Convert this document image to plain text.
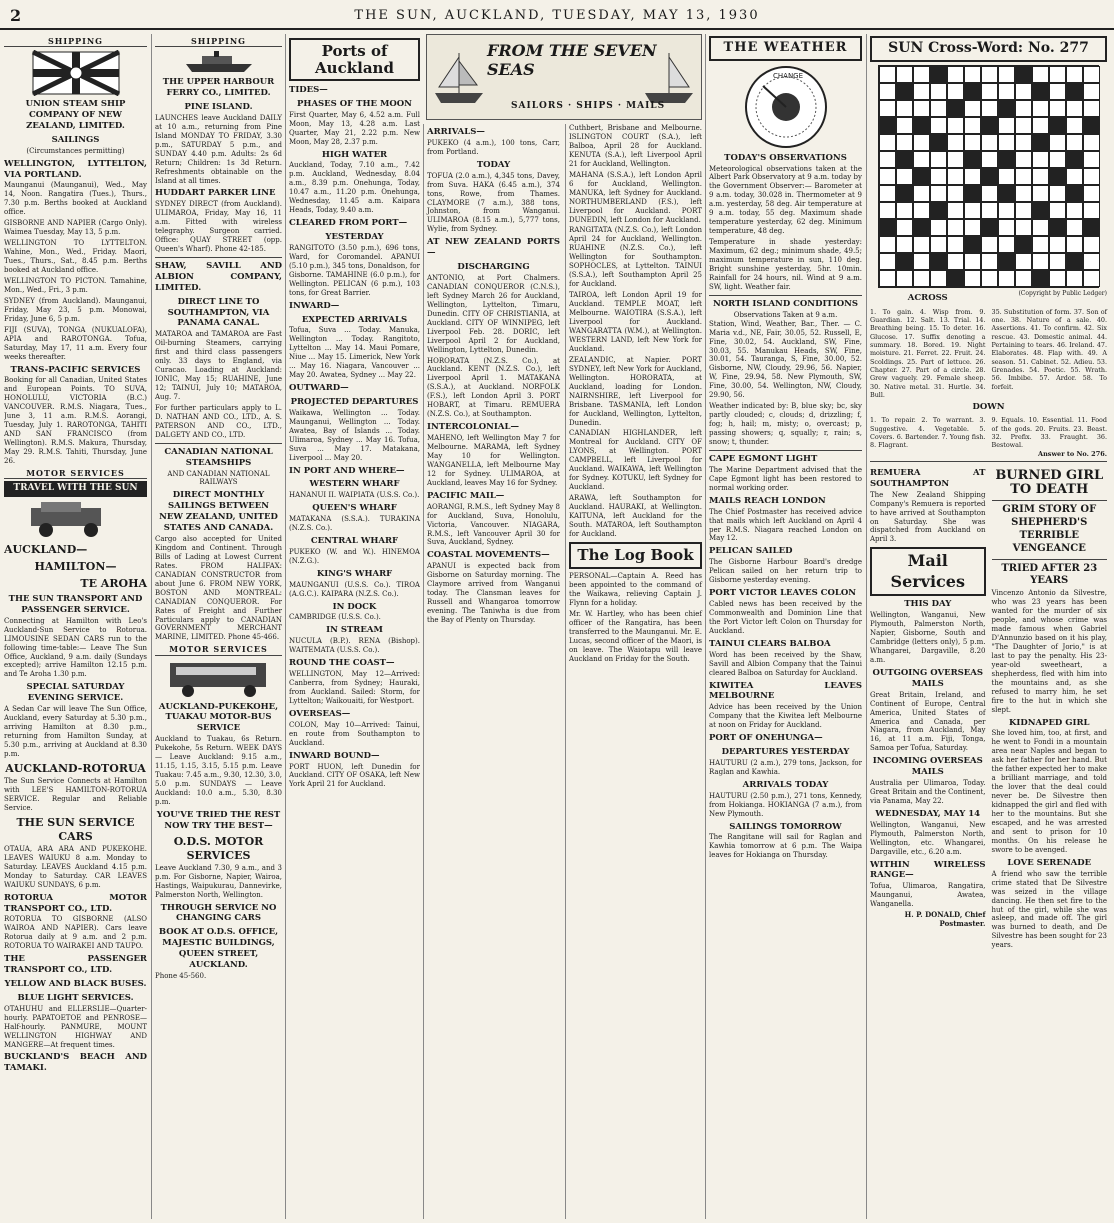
2	THE SUN, AUCKLAND, TUESDAY, MAY 13, 1930
SHIPPING
UNION STEAM SHIP COMPANY OF NEW ZEALAND, LIMITED.
SAILINGS
(Circumstances permitting)
WELLINGTON, LYTTELTON, VIA PORTLAND.

Maunganui (Maunganui), Wed., May 14, Noon. Rangatira (Tues.), Thurs., 7.30 p.m. Berths booked at Auckland office.

GISBORNE AND NAPIER (Cargo Only). Waimea Tuesday, May 13, 5 p.m.

WELLINGTON TO LYTTELTON. Wahine, Mon., Wed., Friday. Maori, Tues., Thurs., Sat., 8.45 p.m. Berths booked at Auckland office.

WELLINGTON TO PICTON. Tamahine, Mon., Wed., Fri., 3 p.m.

SYDNEY (from Auckland). Maunganui, Friday, May 23, 5 p.m. Monowai, Friday, June 6, 5 p.m.

FIJI (SUVA), TONGA (NUKUALOFA), APIA and RAROTONGA. Tofua, Saturday, May 17, 11 a.m. Every four weeks thereafter.

TRANS-PACIFIC SERVICES

Booking for all Canadian, United States and European Points. TO SUVA, HONOLULU, VICTORIA (B.C.) VANCOUVER. R.M.S. Niagara, Tues., June 3, 11 a.m. R.M.S. Aorangi, Tuesday, July 1. RAROTONGA, TAHITI AND SAN FRANCISCO (from Wellington). R.M.S. Makura, Thursday, May 29. R.M.S. Tahiti, Thursday, June 26.

MOTOR SERVICES
TRAVEL WITH THE SUN
AUCKLAND—
HAMILTON—
TE AROHA
THE SUN TRANSPORT AND PASSENGER SERVICE.

Connecting at Hamilton with Leo's Auckland-Sun Service to Rotorua. LIMOUSINE SEDAN CARS run to the following time-table:— Leave The Sun Office, Auckland, 9 a.m. daily (Sundays excepted); arrive Hamilton 12.15 p.m. and Te Aroha 1.30 p.m.

SPECIAL SATURDAY EVENING SERVICE.

A Sedan Car will leave The Sun Office, Auckland, every Saturday at 5.30 p.m., arriving Hamilton at 8.30 p.m., returning from Hamilton Sunday, at 5.30 p.m., arriving at Auckland at 8.30 p.m.

AUCKLAND-ROTORUA

The Sun Service Connects at Hamilton with LEE'S HAMILTON-ROTORUA SERVICE. Regular and Reliable Service.

THE SUN SERVICE CARS

OTAUA, ARA ARA AND PUKEKOHE. LEAVES WAIUKU 8 a.m. Monday to Saturday. LEAVES Auckland 4.15 p.m. Monday to Saturday. CAR LEAVES WAIUKU SUNDAYS, 6 p.m.

ROTORUA MOTOR TRANSPORT CO., LTD.

ROTORUA TO GISBORNE (ALSO WAIROA AND NAPIER). Cars leave Rotorua daily at 9 a.m. and 2 p.m. ROTORUA TO WAIRAKEI AND TAUPO.

THE PASSENGER TRANSPORT CO., LTD.
YELLOW AND BLACK BUSES.
BLUE LIGHT SERVICES.

OTAHUHU and ELLERSLIE—Quarter-hourly. PAPATOETOE and PENROSE—Half-hourly. PANMURE, MOUNT WELLINGTON HIGHWAY AND MANGERE—At frequent times.

BUCKLAND'S BEACH AND TAMAKI.
SHIPPING
THE UPPER HARBOUR FERRY CO., LIMITED.
PINE ISLAND.

LAUNCHES leave Auckland DAILY at 10 a.m., returning from Pine Island MONDAY TO FRIDAY, 3.30 p.m., SATURDAY 5 p.m., and SUNDAY 4.40 p.m. Adults: 2s 6d Return; Children: 1s 3d Return. Refreshments obtainable on the Island at all times.

HUDDART PARKER LINE

SYDNEY DIRECT (from Auckland). ULIMAROA, Friday, May 16, 11 a.m. Fitted with wireless telegraphy. Surgeon carried. Office: QUAY STREET (opp. Queen's Wharf). Phone 42-185.

SHAW, SAVILL AND ALBION COMPANY, LIMITED.
DIRECT LINE TO SOUTHAMPTON, VIA PANAMA CANAL.

MATAROA and TAMAROA are Fast Oil-burning Steamers, carrying first and third class passengers only. 33 days to England, via Curacao. Loading at Auckland: IONIC, May 15; RUAHINE, June 12; TAINUI, July 10; MATAROA, Aug. 7.

For further particulars apply to L. D. NATHAN AND CO., LTD., A. S. PATERSON AND CO., LTD., DALGETY AND CO., LTD.

CANADIAN NATIONAL STEAMSHIPS
AND CANADIAN NATIONAL RAILWAYS
DIRECT MONTHLY SAILINGS BETWEEN NEW ZEALAND, UNITED STATES AND CANADA.

Cargo also accepted for United Kingdom and Continent. Through Bills of Lading at Lowest Current Rates. FROM HALIFAX: CANADIAN CONSTRUCTOR from about June 6. FROM NEW YORK, BOSTON AND MONTREAL: CANADIAN CONQUEROR. For Rates of Freight and Further Particulars apply to CANADIAN GOVERNMENT MERCHANT MARINE, LIMITED. Phone 45-466.

MOTOR SERVICES
AUCKLAND-PUKEKOHE, TUAKAU MOTOR-BUS SERVICE

Auckland to Tuakau, 6s Return. Pukekohe, 5s Return. WEEK DAYS — Leave Auckland: 9.15 a.m., 11.15, 1.15, 3.15, 5.15 p.m. Leave Tuakau: 7.45 a.m., 9.30, 12.30, 3.0, 5.0 p.m. SUNDAYS — Leave Auckland: 10.0 a.m., 5.30, 8.30 p.m.

YOU'VE TRIED THE REST NOW TRY THE BEST—
O.D.S. MOTOR SERVICES

Leave Auckland 7.30, 9 a.m., and 3 p.m. For Gisborne, Napier, Wairoa, Hastings, Waipukurau, Dannevirke, Palmerston North, Wellington.

THROUGH SERVICE NO CHANGING CARS
BOOK AT O.D.S. OFFICE, MAJESTIC BUILDINGS, QUEEN STREET, AUCKLAND.
Phone 45-560.
Ports of
Auckland
TIDES—
PHASES OF THE MOON

First Quarter, May 6, 4.52 a.m. Full Moon, May 13, 4.28 a.m. Last Quarter, May 21, 2.22 p.m. New Moon, May 28, 2.37 p.m.

HIGH WATER

Auckland, Today, 7.10 a.m., 7.42 p.m. Auckland, Wednesday, 8.04 a.m., 8.39 p.m. Onehunga, Today, 10.47 a.m., 11.20 p.m. Onehunga, Wednesday, 11.45 a.m. Kaipara Heads, Today, 9.40 a.m.

CLEARED FROM PORT—
YESTERDAY

RANGITOTO (3.50 p.m.), 696 tons, Ward, for Coromandel. APANUI (5.10 p.m.), 345 tons, Donaldson, for Gisborne. TAMAHINE (6.0 p.m.), for Wellington. PELICAN (6 p.m.), 103 tons, for Great Barrier.

INWARD—
EXPECTED ARRIVALS

Tofua, Suva ... Today. Manuka, Wellington ... Today. Rangitoto, Lyttelton ... May 14. Maui Pomare, Niue ... May 15. Limerick, New York ... May 16. Niagara, Vancouver ... May 20. Awatea, Sydney ... May 22.

OUTWARD—
PROJECTED DEPARTURES

Waikawa, Wellington ... Today. Maunganui, Wellington ... Today. Awatea, Bay of Islands ... Today. Ulimaroa, Sydney ... May 16. Tofua, Suva ... May 17. Matakana, Liverpool ... May 20.

IN PORT AND WHERE—
WESTERN WHARF

HANANUI II. WAIPIATA (U.S.S. Co.).

QUEEN'S WHARF

MATAKANA (S.S.A.). TURAKINA (N.Z.S. Co.).

CENTRAL WHARF

PUKEKO (W. and W.). HINEMOA (N.Z.G.).

KING'S WHARF

MAUNGANUI (U.S.S. Co.). TIROA (A.G.C.). KAIPARA (N.Z.S. Co.).

IN DOCK

CAMBRIDGE (U.S.S. Co.).

IN STREAM

NUCULA (B.P.). RENA (Bishop). WAITEMATA (U.S.S. Co.).

ROUND THE COAST—

WELLINGTON, May 12—Arrived: Canberra, from Sydney; Hauraki, from Auckland. Sailed: Storm, for Lyttelton; Waikouaiti, for Westport.

OVERSEAS—

COLON, May 10—Arrived: Tainui, en route from Southampton to Auckland.

INWARD BOUND—

PORT HUON, left Dunedin for Auckland. CITY OF OSAKA, left New York April 21 for Auckland.

FROM THE SEVEN SEAS
SAILORS · SHIPS · MAILS
ARRIVALS—

PUKEKO (4 a.m.), 100 tons, Carr, from Portland.

TODAY

TOFUA (2.0 a.m.), 4,345 tons, Davey, from Suva. HAKA (6.45 a.m.), 374 tons, Rowe, from Thames. CLAYMORE (7 a.m.), 388 tons, Johnston, from Wanganui. ULIMAROA (8.15 a.m.), 5,777 tons, Wylie, from Sydney.

AT NEW ZEALAND PORTS—
DISCHARGING

ANTONIO, at Port Chalmers. CANADIAN CONQUEROR (C.N.S.), left Sydney March 26 for Auckland, Wellington, Lyttelton, Timaru, Dunedin. CITY OF CHRISTIANIA, at Auckland. CITY OF WINNIPEG, left Liverpool Feb. 28. DORIC, left Liverpool April 2 for Auckland, Wellington, Lyttelton, Dunedin.

HORORATA (N.Z.S. Co.), at Auckland. KENT (N.Z.S. Co.), left Liverpool April 1. MATAKANA (S.S.A.), at Auckland. NORFOLK (F.S.), left London April 3. PORT HOBART, at Timaru. REMUERA (N.Z.S. Co.), at Southampton.

INTERCOLONIAL—

MAHENO, left Wellington May 7 for Melbourne. MARAMA, left Sydney May 10 for Wellington. WANGANELLA, left Melbourne May 12 for Sydney. ULIMAROA, at Auckland, leaves May 16 for Sydney.

PACIFIC MAIL—

AORANGI, R.M.S., left Sydney May 8 for Auckland, Suva, Honolulu, Victoria, Vancouver. NIAGARA, R.M.S., left Vancouver April 30 for Suva, Auckland, Sydney.

COASTAL MOVEMENTS—

APANUI is expected back from Gisborne on Saturday morning. The Claymore arrived from Wanganui today. The Clansman leaves for Russell and Whangaroa tomorrow evening. The Taniwha is due from the Bay of Plenty on Thursday.

Cuthbert, Brisbane and Melbourne. ISLINGTON COURT (S.A.), left Balboa, April 28 for Auckland. KENUTA (S.A.), left Liverpool April 21 for Auckland, Wellington.

MAHANA (S.S.A.), left London April 6 for Auckland, Wellington. MANUKA, left Sydney for Auckland. NORTHUMBERLAND (F.S.), left Liverpool for Auckland. PORT DUNEDIN, left London for Auckland.

RANGITATA (N.Z.S. Co.), left London April 24 for Auckland, Wellington. RUAHINE (N.Z.S. Co.), left Wellington for Southampton. SOPHOCLES, at Lyttelton. TAINUI (S.S.A.), left Southampton April 25 for Auckland.

TAIROA, left London April 19 for Auckland. TEMPLE MOAT, left Melbourne. WAIOTIRA (S.S.A.), left Liverpool for Auckland. WANGARATTA (W.M.), at Wellington. WESTERN LAND, left New York for Auckland.

ZEALANDIC, at Napier. PORT SYDNEY, left New York for Auckland, Wellington. HORORATA, at Auckland, loading for London. NAIRNSHIRE, left Liverpool for Brisbane. TASMANIA, left London for Auckland, Wellington, Lyttelton, Dunedin.

CANADIAN HIGHLANDER, left Montreal for Auckland. CITY OF LYONS, at Wellington. PORT CAMPBELL, left Liverpool for Auckland. WAIKAWA, left Wellington for Sydney. KOTUKU, left Sydney for Auckland.

ARAWA, left Southampton for Auckland. HAURAKI, at Wellington. KAITUNA, left Auckland for the South. MATAROA, left Southampton for Auckland.

The Log Book

PERSONAL—Captain A. Reed has been appointed to the command of the Waikawa, relieving Captain J. Flynn for a holiday.

Mr. W. Hartley, who has been chief officer of the Rangatira, has been transferred to the Maunganui. Mr. E. Lucas, second officer of the Maori, is on leave. The Waiotapu will leave Auckland on Friday for the South.

THE WEATHER
CHANGE
TODAY'S OBSERVATIONS

Meteorological observations taken at the Albert Park Observatory at 9 a.m. today by the Government Observer:— Barometer at 9 a.m. today, 30.028 in. Thermometer at 9 a.m. yesterday, 58 deg. Air temperature at 9 a.m. today, 55 deg. Maximum shade temperature yesterday, 62 deg. Minimum temperature, 48 deg.

Temperature in shade yesterday: Maximum, 62 deg.; minimum shade, 49.5; maximum temperature in sun, 110 deg. Bright sunshine yesterday, 5hr. 10min. Rainfall for 24 hours, nil. Wind at 9 a.m. SW, light. Weather fair.

NORTH ISLAND CONDITIONS
Observations Taken at 9 a.m.

Station, Wind, Weather, Bar., Ther. — C. Maria v.d., NE, Fair, 30.05, 52. Russell, E, Fine, 30.02, 54. Auckland, SW, Fine, 30.03, 55. Manukau Heads, SW, Fine, 30.01, 54. Tauranga, S, Fine, 30.00, 52. Gisborne, NW, Cloudy, 29.96, 56. Napier, W, Fine, 29.94, 58. New Plymouth, SW, Fine, 30.00, 54. Wellington, NW, Cloudy, 29.90, 56.

Weather indicated by: B, blue sky; bc, sky partly clouded; c, clouds; d, drizzling; f, fog; h, hail; m, misty; o, overcast; p, passing showers; q, squally; r, rain; s, snow; t, thunder.

CAPE EGMONT LIGHT

The Marine Department advised that the Cape Egmont light has been restored to normal working order.

MAILS REACH LONDON

The Chief Postmaster has received advice that mails which left Auckland on April 4 per R.M.S. Niagara reached London on May 12.

PELICAN SAILED

The Gisborne Harbour Board's dredge Pelican sailed on her return trip to Gisborne yesterday evening.

PORT VICTOR LEAVES COLON

Cabled news has been received by the Commonwealth and Dominion Line that the Port Victor left Colon on Thursday for Auckland.

TAINUI CLEARS BALBOA

Word has been received by the Shaw, Savill and Albion Company that the Tainui cleared Balboa on Saturday for Auckland.

KIWITEA LEAVES MELBOURNE

Advice has been received by the Union Company that the Kiwitea left Melbourne at noon on Friday for Auckland.

PORT OF ONEHUNGA—
DEPARTURES YESTERDAY

HAUTURU (2 a.m.), 279 tons, Jackson, for Raglan and Kawhia.

ARRIVALS TODAY

HAUTURU (2.50 p.m.), 271 tons, Kennedy, from Hokianga. HOKIANGA (7 a.m.), from New Plymouth.

SAILINGS TOMORROW

The Rangitane will sail for Raglan and Kawhia tomorrow at 6 p.m. The Waipa leaves for Hokianga on Thursday.

SUN Cross-Word: No. 277
ACROSS	(Copyright by Public Ledger)
1. To gain. 4. Wisp from. 9. Guardian. 12. Salt. 13. Trial. 14. Breathing being. 15. To deter. 16. Glucose. 17. Suffix denoting a summary. 18. Bored. 19. Night moisture. 21. Ferret. 22. Fruit. 24. Scoldings. 25. Part of lettuce. 26. Chapter. 27. Part of a circle. 28. Grew vaguely. 29. Female sheep. 30. Native metal. 31. Hurtle. 34. Bull.
35. Substitution of form. 37. Son of one. 38. Nature of a sale. 40. Assertions. 41. To confirm. 42. Six rescue. 43. Domestic animal. 44. Pertaining to tears. 46. Ireland. 47. Elaborates. 48. Flap with. 49. A season. 51. Cabinet. 52. Adieu. 53. Grenades. 54. Poetic. 55. Wrath. 56. Imbibe. 57. Ardor. 58. To forfeit.
DOWN
1. To repair. 2. To warrant. 3. Suggestive. 4. Vegetable. 5. Covers. 6. Bartender. 7. Young fish. 8. Flagrant.
9. Equals. 10. Essential. 11. Food of the gods. 20. Fruits. 23. Beast. 32. Prefix. 33. Fraught. 36. Bestowal.
Answer to No. 276.
REMUERA AT SOUTHAMPTON

The New Zealand Shipping Company's Remuera is reported to have arrived at Southampton on Saturday. She was dispatched from Auckland on April 3.

Mail Services
THIS DAY

Wellington, Wanganui, New Plymouth, Palmerston North, Napier, Gisborne, South and Cambridge (letters only), 5 p.m. Whangarei, Dargaville, 8.20 a.m.

OUTGOING OVERSEAS MAILS

Great Britain, Ireland, and Continent of Europe, Central America, United States of America and Canada, per Niagara, from Auckland, May 16, at 11 a.m. Fiji, Tonga, Samoa per Tofua, Saturday.

INCOMING OVERSEAS MAILS

Australia per Ulimaroa, Today. Great Britain and the Continent, via Panama, May 22.

WEDNESDAY, MAY 14

Wellington, Wanganui, New Plymouth, Palmerston North, Wellington, etc. Whangarei, Dargaville, etc., 6.20 a.m.

WITHIN WIRELESS RANGE—

Tofua, Ulimaroa, Rangatira, Maunganui, Awatea, Wanganella.

H. P. DONALD, Chief Postmaster.
BURNED GIRL TO DEATH
GRIM STORY OF SHEPHERD'S TERRIBLE VENGEANCE
TRIED AFTER 23 YEARS

Vincenzo Antonio da Silvestre, who was 23 years has been wanted for the murder of six people, and whose crime was made famous when Gabriel D'Annunzio based on it his play, "The Daughter of Jorio," is at last to pay the penalty. His 23-year-old sweetheart, a shepherdess, fled with him into the mountains and, as she refused to marry him, he set fire to the hut in which she slept.

KIDNAPED GIRL

She loved him, too, at first, and he went to Fondi in a mountain area near Naples and began to ask her father for her hand. But the father expected her to make a brilliant marriage, and told the lover that the deal could never be. De Silvestre then kidnapped the girl and fled with her to the mountains. But she escaped, and he was arrested and sent to prison for 10 months. On his release he swore to be avenged.

LOVE SERENADE

A friend who saw the terrible crime stated that De Silvestre was seized in the village dancing. He then set fire to the hut of the girl, while she was asleep, and made off. The girl was burned to death, and De Silvestre has been sought for 23 years.
